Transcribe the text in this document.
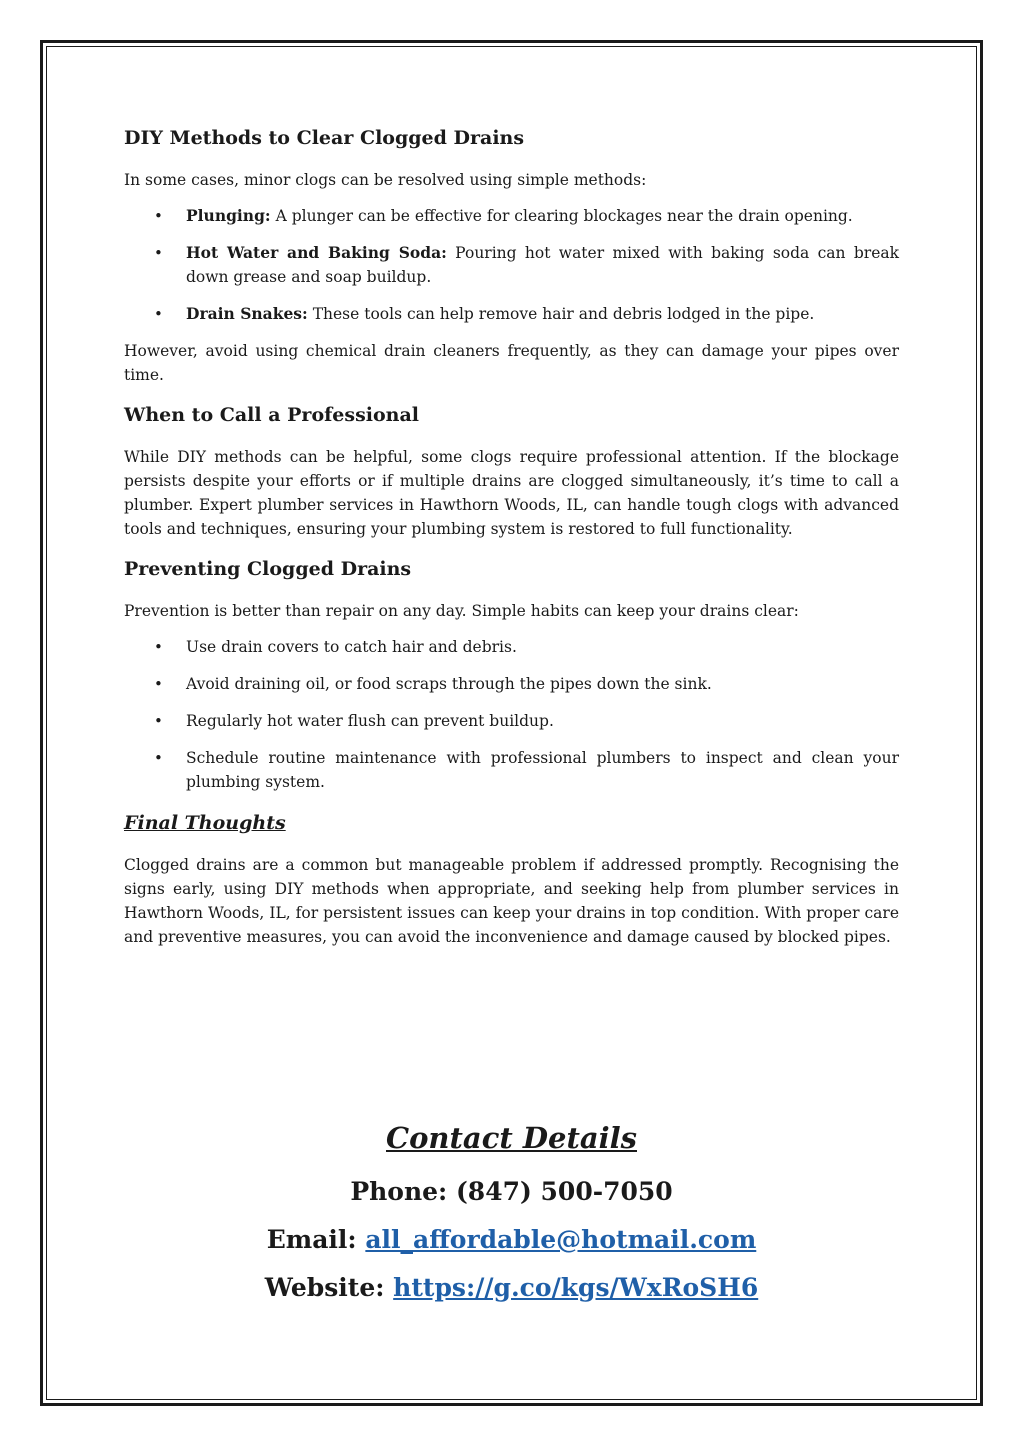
DIY Methods to Clear Clogged Drains

In some cases, minor clogs can be resolved using simple methods:

• Plunging: A plunger can be effective for clearing blockages near the drain opening.
• Hot Water and Baking Soda: Pouring hot water mixed with baking soda can break down grease and soap buildup.
• Drain Snakes: These tools can help remove hair and debris lodged in the pipe.

However, avoid using chemical drain cleaners frequently, as they can damage your pipes over time.

When to Call a Professional

While DIY methods can be helpful, some clogs require professional attention. If the blockage persists despite your efforts or if multiple drains are clogged simultaneously, it’s time to call a plumber. Expert plumber services in Hawthorn Woods, IL, can handle tough clogs with advanced tools and techniques, ensuring your plumbing system is restored to full functionality.

Preventing Clogged Drains

Prevention is better than repair on any day. Simple habits can keep your drains clear:

• Use drain covers to catch hair and debris.
• Avoid draining oil, or food scraps through the pipes down the sink.
• Regularly hot water flush can prevent buildup.
• Schedule routine maintenance with professional plumbers to inspect and clean your plumbing system.
Final Thoughts

Clogged drains are a common but manageable problem if addressed promptly. Recognising the signs early, using DIY methods when appropriate, and seeking help from plumber services in Hawthorn Woods, IL, for persistent issues can keep your drains in top condition. With proper care and preventive measures, you can avoid the inconvenience and damage caused by blocked pipes.

Contact Details
Phone: (847) 500-7050
Email: all_affordable@hotmail.com
Website: https://g.co/kgs/WxRoSH6
